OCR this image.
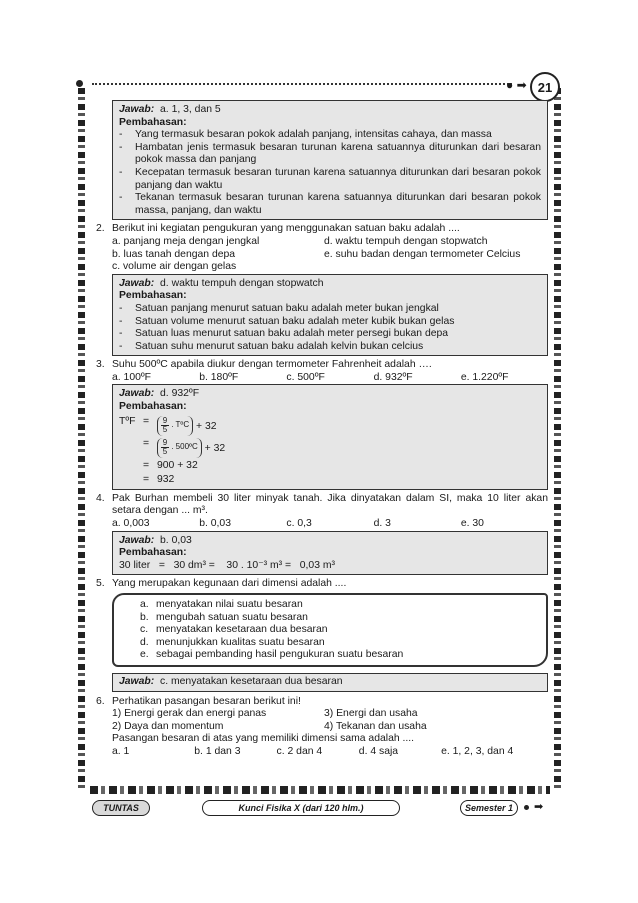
● ➡ 21
Jawab: a. 1, 3, dan 5
Pembahasan:
-	Yang termasuk besaran pokok adalah panjang, intensitas cahaya, dan massa
-	Hambatan jenis termasuk besaran turunan karena satuannya diturunkan dari besaran pokok massa dan panjang
-	Kecepatan termasuk besaran turunan karena satuannya diturunkan dari besaran pokok panjang dan waktu
-	Tekanan termasuk besaran turunan karena satuannya diturunkan dari besaran pokok massa, panjang, dan waktu
2. Berikut ini kegiatan pengukuran yang menggunakan satuan baku adalah ....
a. panjang meja dengan jengkal	d. waktu tempuh dengan stopwatch
b. luas tanah dengan depa	e. suhu badan dengan termometer Celcius
c. volume air dengan gelas
Jawab: d. waktu tempuh dengan stopwatch
Pembahasan:
-	Satuan panjang menurut satuan baku adalah meter bukan jengkal
-	Satuan volume menurut satuan baku adalah meter kubik bukan gelas
-	Satuan luas menurut satuan baku adalah meter persegi bukan depa
-	Satuan suhu menurut satuan baku adalah kelvin bukan celcius
3. Suhu 500ºC apabila diukur dengan termometer Fahrenheit adalah ….
a. 100ºF	b. 180ºF	c. 500ºF	d. 932ºF	e. 1.220ºF
Jawab: d. 932ºF
Pembahasan:
TºF =	$\frac{9}{5}$
. TºC + 32
=	$\frac{9}{5}$
. 500ºC + 32
= 900 + 32
= 932
4. Pak Burhan membeli 30 liter minyak tanah. Jika dinyatakan dalam SI, maka 10 liter akan setara dengan ... m³.
a. 0,003	b. 0,03	c. 0,3	d. 3	e. 30
Jawab: b. 0,03
Pembahasan:
30 liter   =   30 dm³ =    30 . 10⁻³ m³ =   0,03 m³
5. Yang merupakan kegunaan dari dimensi adalah ....
a. menyatakan nilai suatu besaran
b. mengubah satuan suatu besaran
c. menyatakan kesetaraan dua besaran
d. menunjukkan kualitas suatu besaran
e. sebagai pembanding hasil pengukuran suatu besaran
Jawab: c. menyatakan kesetaraan dua besaran
6. Perhatikan pasangan besaran berikut ini!
1) Energi gerak dan energi panas	3) Energi dan usaha
2) Daya dan momentum	4) Tekanan dan usaha
Pasangan besaran di atas yang memiliki dimensi sama adalah ....
a. 1	b. 1 dan 3	c. 2 dan 4	d. 4 saja	e. 1, 2, 3, dan 4
TUNTAS	Kunci Fisika X (dari 120 hlm.)	Semester 1	➡
